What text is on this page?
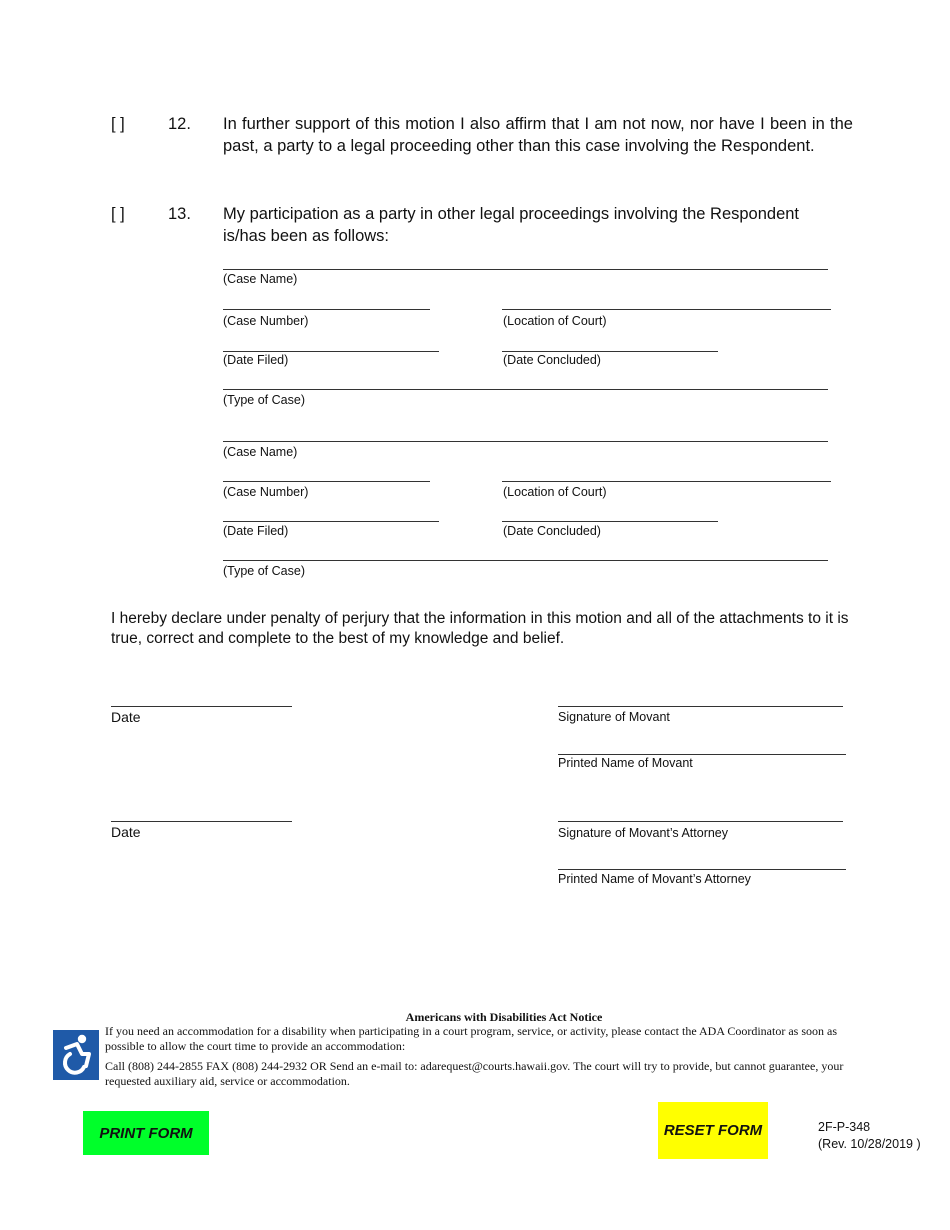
[ ]	12. In further support of this motion I also affirm that I am not now, nor have I been in the past, a party to a legal proceeding other than this case involving the Respondent.
[ ]	13. My participation as a party in other legal proceedings involving the Respondent is/has been as follows:
(Case Name)
(Case Number)	(Location of Court)
(Date Filed)	(Date Concluded)
(Type of Case)
(Case Name)
(Case Number)	(Location of Court)
(Date Filed)	(Date Concluded)
(Type of Case)
I hereby declare under penalty of perjury that the information in this motion and all of the attachments to it is true, correct and complete to the best of my knowledge and belief.
Date	Signature of Movant
Printed Name of Movant
Date	Signature of Movant’s Attorney
Printed Name of Movant’s Attorney
Americans with Disabilities Act Notice
If you need an accommodation for a disability when participating in a court program, service, or activity, please contact the ADA Coordinator as soon as possible to allow the court time to provide an accommodation:
Call (808) 244-2855 FAX (808) 244-2932 OR Send an e-mail to: adarequest@courts.hawaii.gov. The court will try to provide, but cannot guarantee, your requested auxiliary aid, service or accommodation.
PRINT FORM	RESET FORM	2F-P-348
(Rev. 10/28/2019 )
